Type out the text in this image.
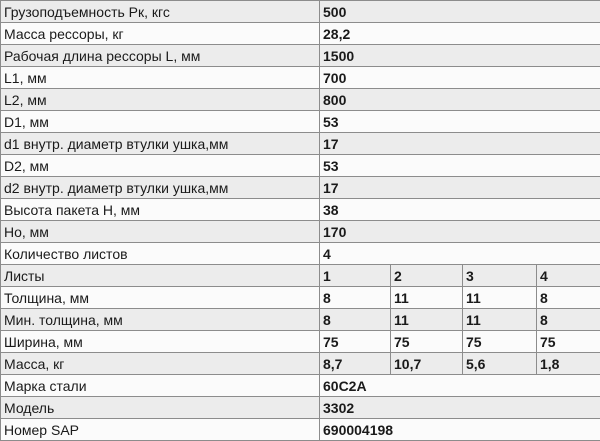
Грузоподъемность Pк, кгс	500			
Масса рессоры, кг	28,2			
Рабочая длина рессоры L, мм	1500			
L1, мм	700			
L2, мм	800			
D1, мм	53			
d1 внутр. диаметр втулки ушка,мм	17			
D2, мм	53			
d2 внутр. диаметр втулки ушка,мм	17			
Высота пакета H, мм	38			
Ho, мм	170			
Количество листов	4			
Листы	1	2	3	4
Толщина, мм	8	11	11	8
Мин. толщина, мм	8	11	11	8
Ширина, мм	75	75	75	75
Масса, кг	8,7	10,7	5,6	1,8
Марка стали	60С2А			
Модель	3302			
Номер SAP	690004198			
